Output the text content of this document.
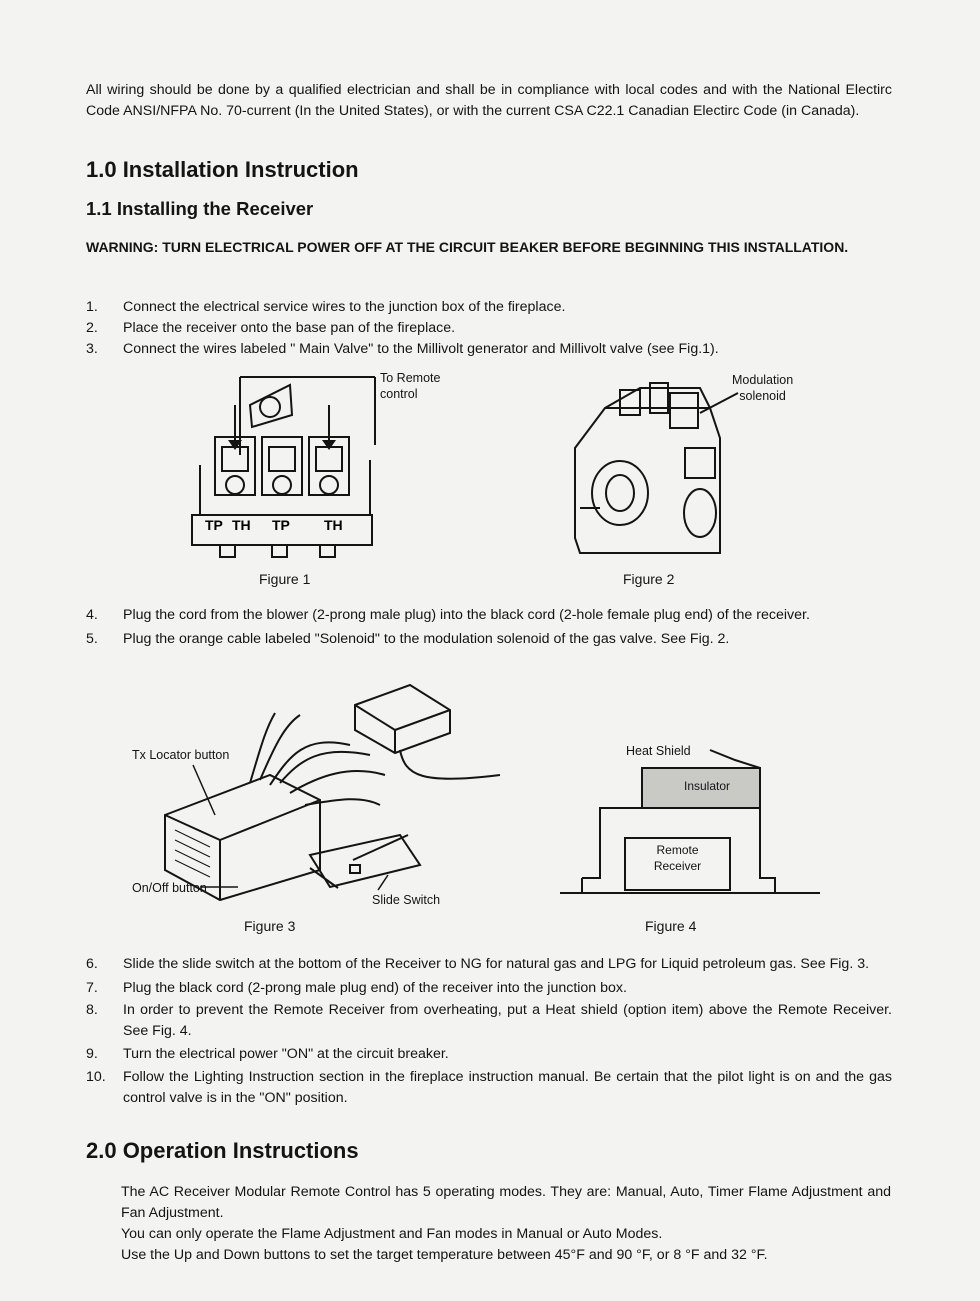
All wiring should be done by a qualified electrician and shall be in compliance with local codes and with the National Electirc Code ANSI/NFPA No. 70-current (In the United States), or with the current CSA C22.1 Canadian Electirc Code (in Canada).
1.0 Installation Instruction
1.1 Installing the Receiver
WARNING: TURN ELECTRICAL POWER OFF AT THE CIRCUIT BEAKER BEFORE BEGINNING THIS INSTALLATION.
1. Connect the electrical service wires to the junction box of the fireplace.
2. Place the receiver onto the base pan of the fireplace.
3. Connect the wires labeled " Main Valve" to the Millivolt generator and Millivolt valve (see Fig.1).
TP TH TP TH
To Remote
control
Figure 1
Modulation
solenoid
Figure 2
4. Plug the cord from the blower (2-prong male plug) into the black cord (2-hole female plug end) of the receiver.
5. Plug the orange cable labeled "Solenoid" to the modulation solenoid of the gas valve. See Fig. 2.
Tx Locator button
On/Off button
Slide Switch
Figure 3
Heat Shield
Insulator
Remote
Receiver
Figure 4
6. Slide the slide switch at the bottom of the Receiver to NG for natural gas and LPG for Liquid petroleum gas. See Fig. 3.
7. Plug the black cord (2-prong male plug end) of the receiver into the junction box.
8. In order to prevent the Remote Receiver from overheating, put a Heat shield (option item) above the Remote Receiver. See Fig. 4.
9. Turn the electrical power "ON" at the circuit breaker.
10. Follow the Lighting Instruction section in the fireplace instruction manual. Be certain that the pilot light is on and the gas control valve is in the "ON" position.
2.0 Operation Instructions

The AC Receiver Modular Remote Control has 5 operating modes. They are: Manual, Auto, Timer Flame Adjustment and Fan Adjustment.

You can only operate the Flame Adjustment and Fan modes in Manual or Auto Modes.

Use the Up and Down buttons to set the target temperature between 45°F and 90 °F, or 8 °F and 32 °F.
